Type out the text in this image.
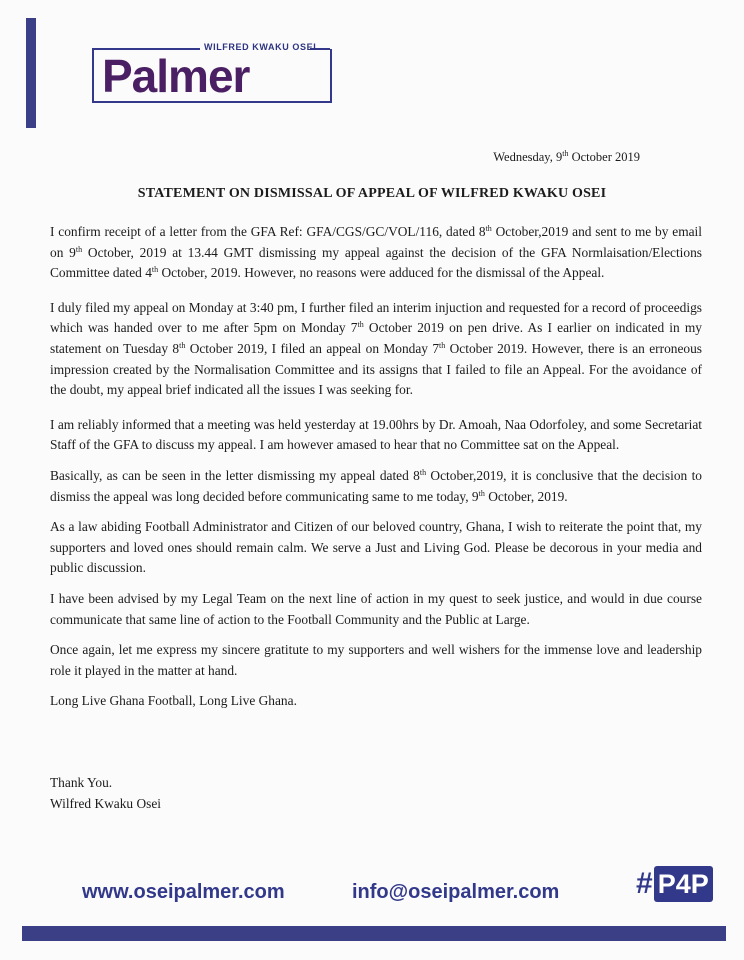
WILFRED KWAKU OSEI
Palmer
Wednesday, 9th October 2019
STATEMENT ON DISMISSAL OF APPEAL OF WILFRED KWAKU OSEI

I confirm receipt of a letter from the GFA Ref: GFA/CGS/GC/VOL/116, dated 8th October,2019 and sent to me by email on 9th October, 2019 at 13.44 GMT dismissing my appeal against the decision of the GFA Normlaisation/Elections Committee dated 4th October, 2019. However, no reasons were adduced for the dismissal of the Appeal.

I duly filed my appeal on Monday at 3:40 pm, I further filed an interim injuction and requested for a record of proceedigs which was handed over to me after 5pm on Monday 7th October 2019 on pen drive. As I earlier on indicated in my statement on Tuesday 8th October 2019, I filed an appeal on Monday 7th October 2019. However, there is an erroneous impression created by the Normalisation Committee and its assigns that I failed to file an Appeal. For the avoidance of the doubt, my appeal brief indicated all the issues I was seeking for.

I am reliably informed that a meeting was held yesterday at 19.00hrs by Dr. Amoah, Naa Odorfoley, and some Secretariat Staff of the GFA to discuss my appeal. I am however amased to hear that no Committee sat on the Appeal.

Basically, as can be seen in the letter dismissing my appeal dated 8th October,2019, it is conclusive that the decision to dismiss the appeal was long decided before communicating same to me today, 9th October, 2019.

As a law abiding Football Administrator and Citizen of our beloved country, Ghana, I wish to reiterate the point that, my supporters and loved ones should remain calm. We serve a Just and Living God. Please be decorous in your media and public discussion.

I have been advised by my Legal Team on the next line of action in my quest to seek justice, and would in due course communicate that same line of action to the Football Community and the Public at Large.

Once again, let me express my sincere gratitute to my supporters and well wishers for the immense love and leadership role it played in the matter at hand.

Long Live Ghana Football, Long Live Ghana.

Thank You.
Wilfred Kwaku Osei
www.oseipalmer.com	info@oseipalmer.com	# P4P
